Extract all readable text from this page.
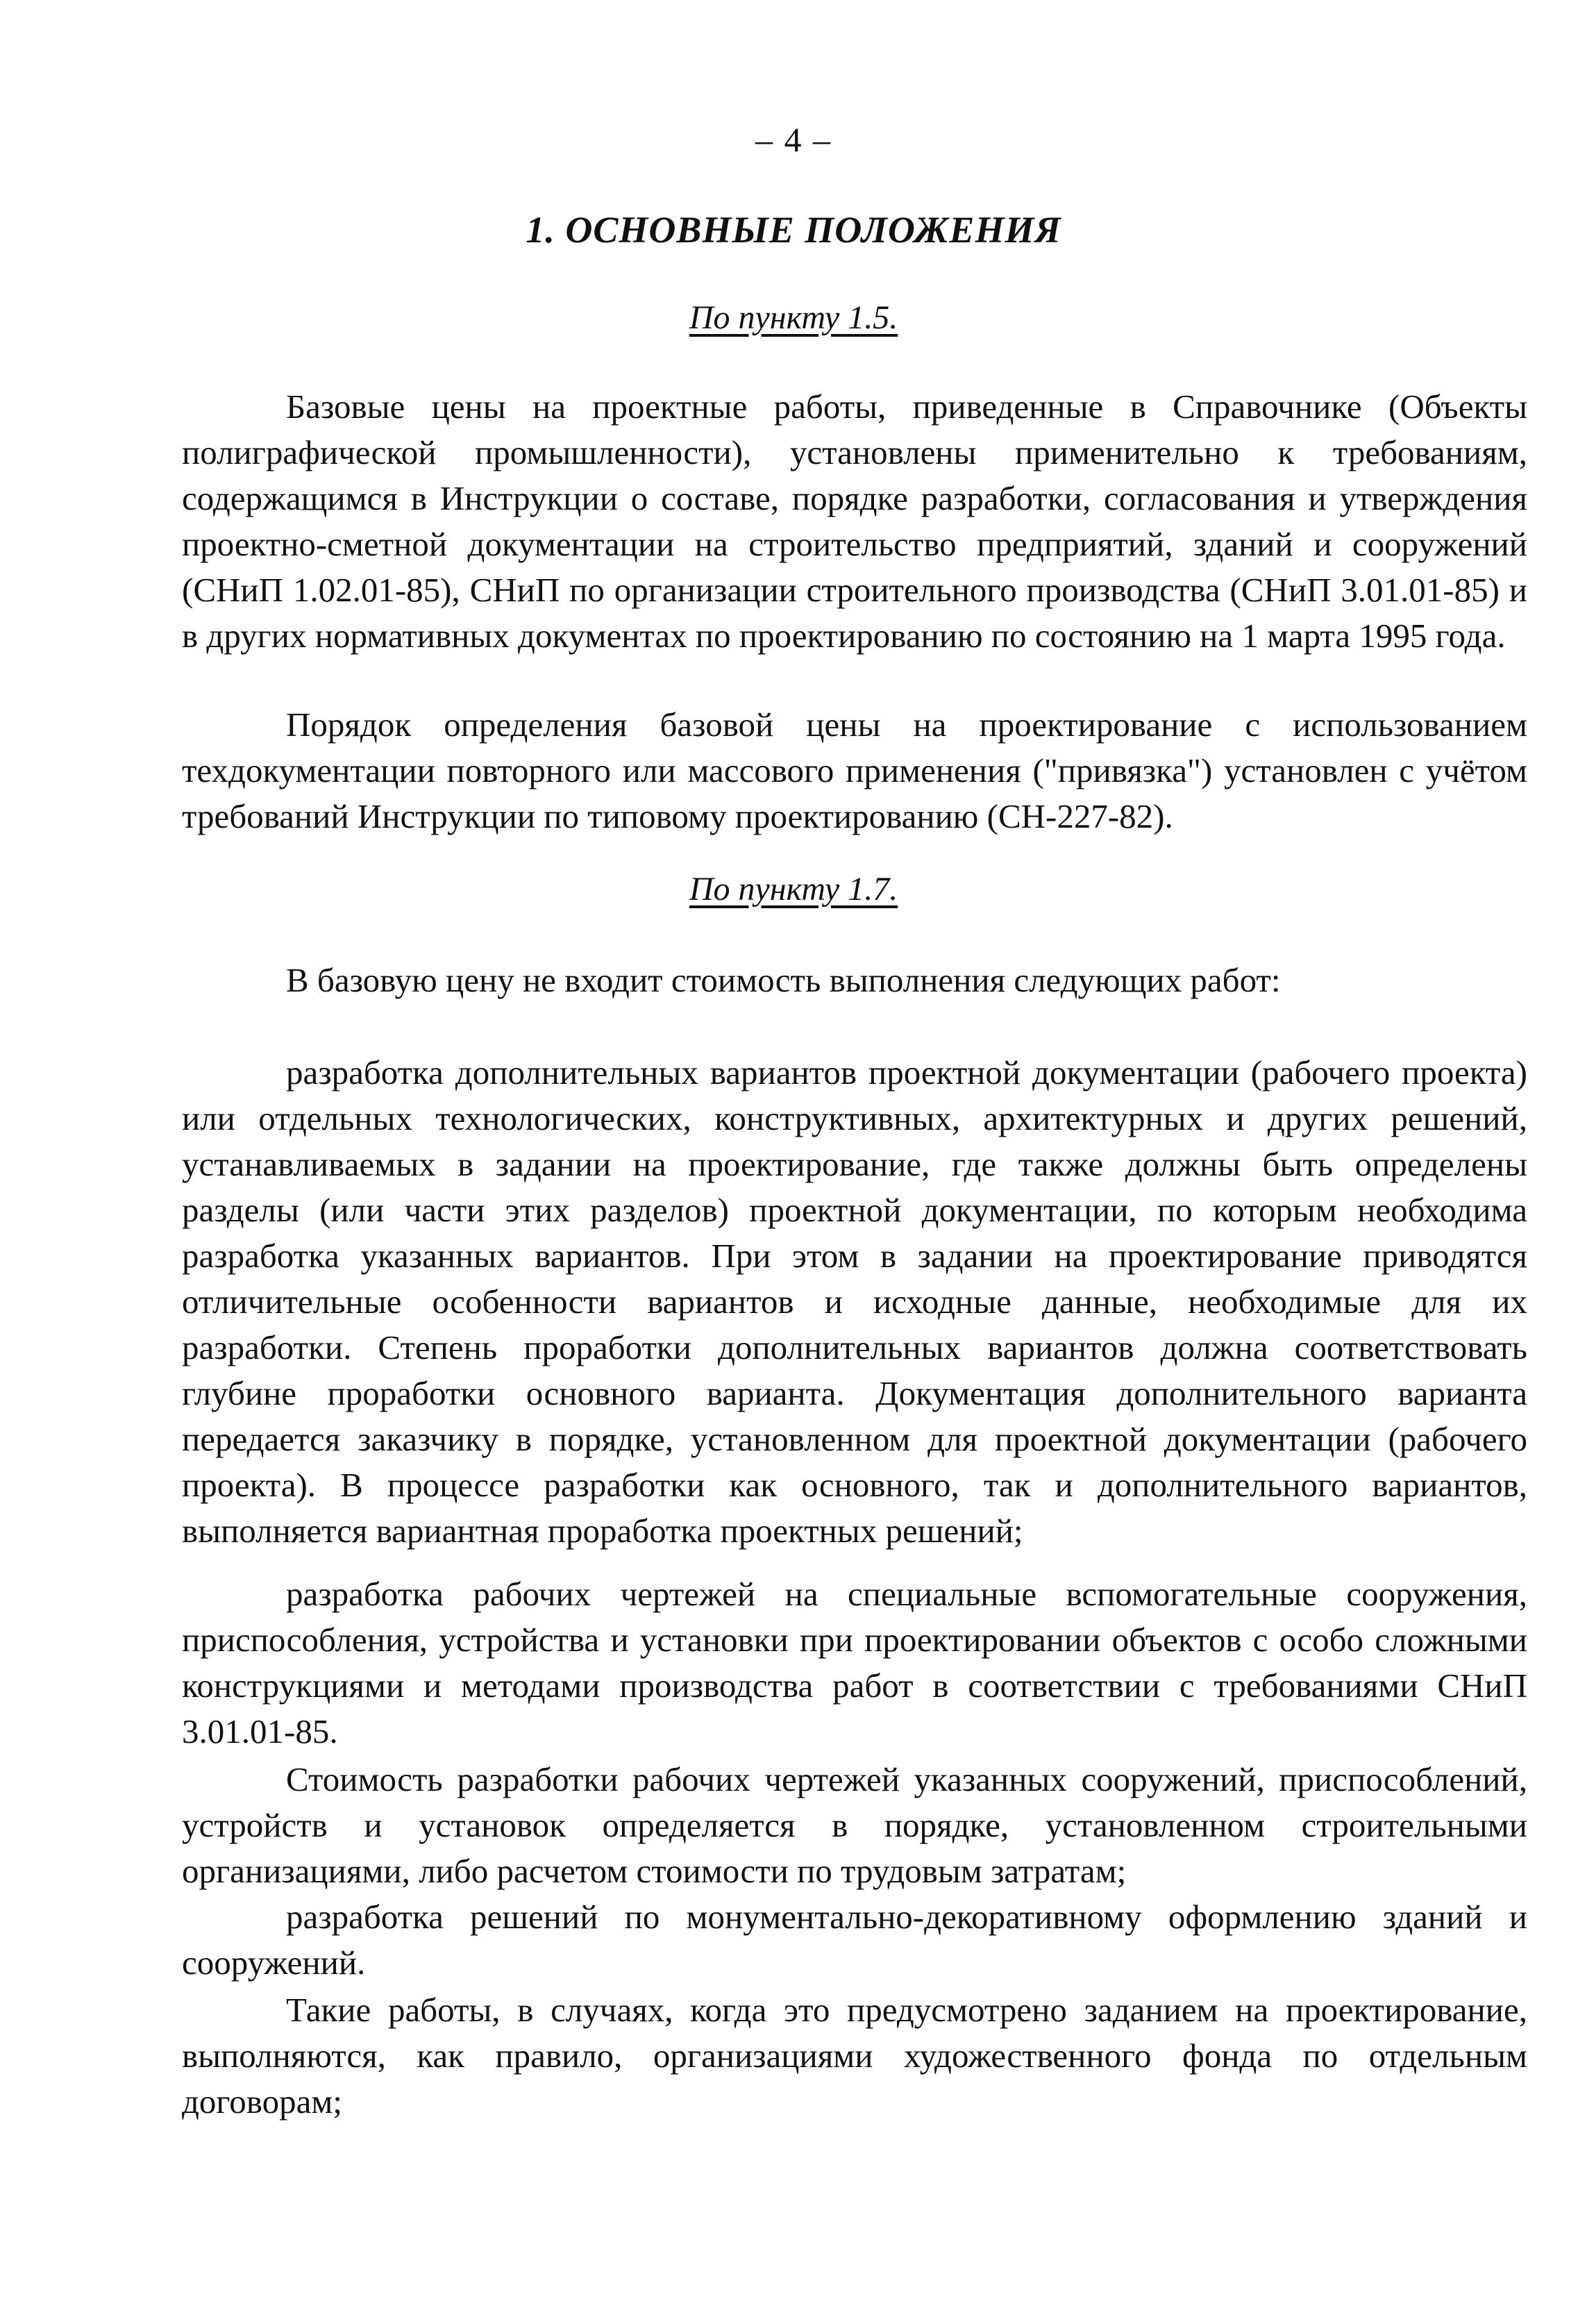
– 4 –
1. ОСНОВНЫЕ ПОЛОЖЕНИЯ
По пункту 1.5.

Базовые цены на проектные работы, приведенные в Справочнике (Объекты полиграфической промышленности), установлены применительно к требованиям, содержащимся в Инструкции о составе, порядке разработки, согласования и утверждения проектно-сметной документации на строительство предприятий, зданий и сооружений (СНиП 1.02.01-85), СНиП по организации строительного производства (СНиП 3.01.01-85) и в других нормативных документах по проектированию по состоянию на 1 марта 1995 года.

Порядок определения базовой цены на проектирование с использованием техдокументации повторного или массового применения ("привязка") установлен с учётом требований Инструкции по типовому проектированию (СН-227-82).

По пункту 1.7.

В базовую цену не входит стоимость выполнения следующих работ:

разработка дополнительных вариантов проектной документации (рабочего проекта) или отдельных технологических, конструктивных, архитектурных и других решений, устанавливаемых в задании на проектирование, где также должны быть определены разделы (или части этих разделов) проектной документации, по которым необходима разработка указанных вариантов. При этом в задании на проектирование приводятся отличительные особенности вариантов и исходные данные, необходимые для их разработки. Степень проработки дополнительных вариантов должна соответствовать глубине проработки основного варианта. Документация дополнительного варианта передается заказчику в порядке, установленном для проектной документации (рабочего проекта). В процессе разработки как основного, так и дополнительного вариантов, выполняется вариантная проработка проектных решений;

разработка рабочих чертежей на специальные вспомогательные сооружения, приспособления, устройства и установки при проектировании объектов с особо сложными конструкциями и методами производства работ в соответствии с требованиями СНиП 3.01.01-85.

Стоимость разработки рабочих чертежей указанных сооружений, приспособлений, устройств и установок определяется в порядке, установленном строительными организациями, либо расчетом стоимости по трудовым затратам;

разработка решений по монументально-декоративному оформлению зданий и сооружений.

Такие работы, в случаях, когда это предусмотрено заданием на проектирование, выполняются, как правило, организациями художественного фонда по отдельным договорам;
